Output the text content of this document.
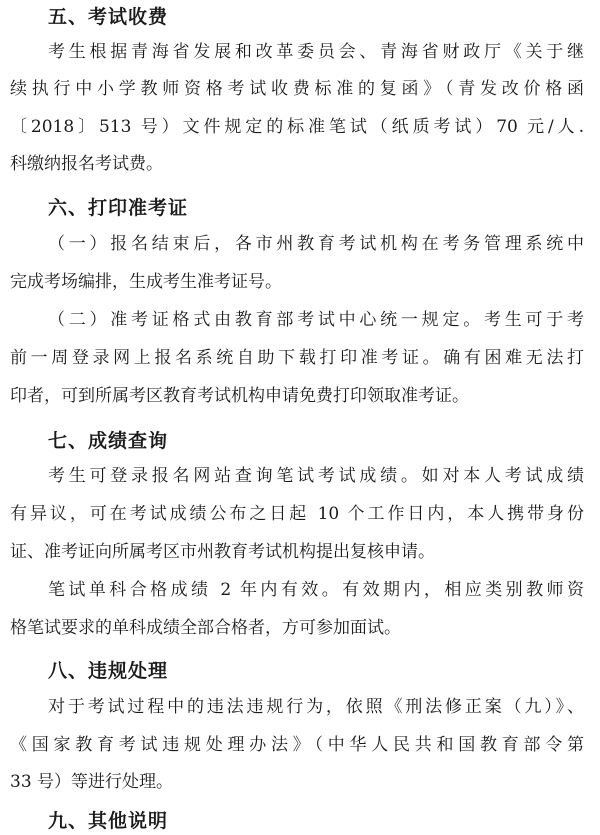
五、考试收费

考生根据青海省发展和改革委员会、青海省财政厅《关于继

续执行中小学教师资格考试收费标准的复函》（青发改价格函

〔2018〕513 号）文件规定的标准笔试（纸质考试）70 元/人.

科缴纳报名考试费。

六、打印准考证

（一）报名结束后，各市州教育考试机构在考务管理系统中

完成考场编排，生成考生准考证号。

（二）准考证格式由教育部考试中心统一规定。考生可于考

前一周登录网上报名系统自助下载打印准考证。确有困难无法打

印者，可到所属考区教育考试机构申请免费打印领取准考证。

七、成绩查询

考生可登录报名网站查询笔试考试成绩。如对本人考试成绩

有异议，可在考试成绩公布之日起 10 个工作日内，本人携带身份

证、准考证向所属考区市州教育考试机构提出复核申请。

笔试单科合格成绩 2 年内有效。有效期内，相应类别教师资

格笔试要求的单科成绩全部合格者，方可参加面试。

八、违规处理

对于考试过程中的违法违规行为，依照《刑法修正案（九）》、

《国家教育考试违规处理办法》（中华人民共和国教育部令第

33 号）等进行处理。

九、其他说明
